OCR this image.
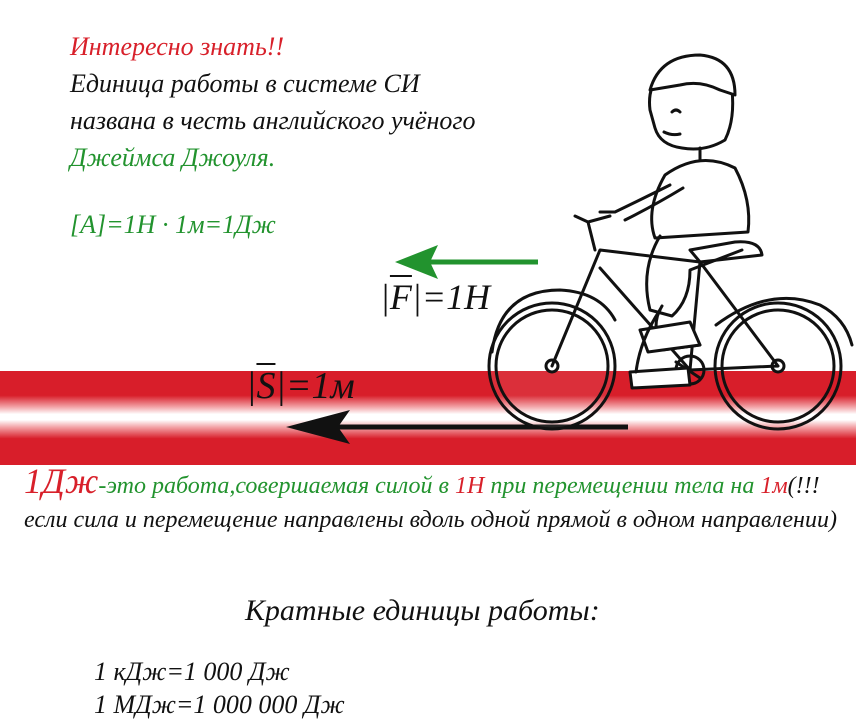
Интересно знать!!
Единица работы в системе СИ
названа в честь английского учёного
Джеймса Джоуля.
[A]=1H · 1м=1Дж
$|\overline{F}|=1H$
$|\overline{S}|=1м$
1Дж-это работа,совершаемая силой в 1Н при перемещении тела на 1м(!!!если сила и перемещение направлены вдоль одной прямой в одном направлении)
Кратные единицы работы:
1 кДж=1 000 Дж
1 МДж=1 000 000 Дж
